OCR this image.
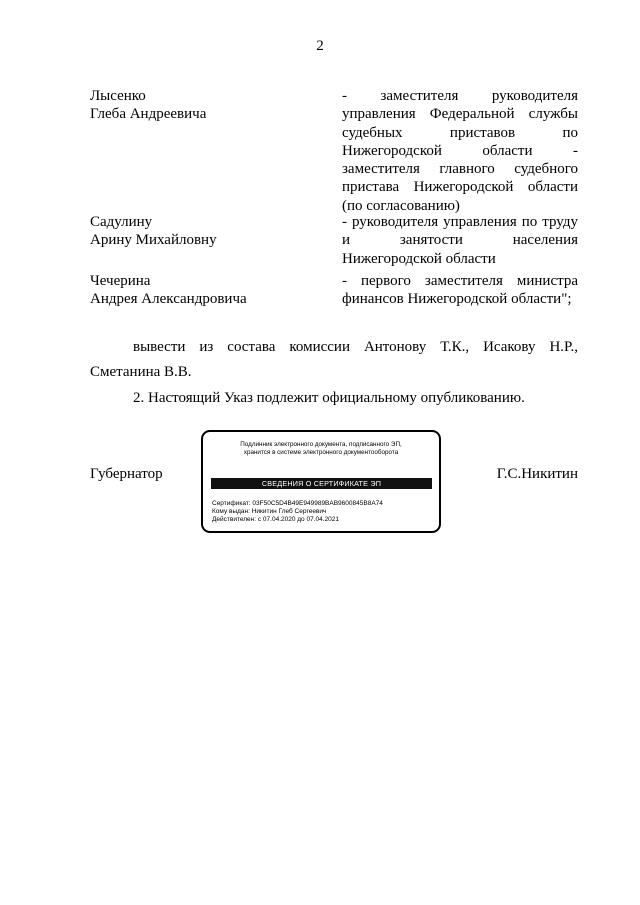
2
Лысенко
Глеба Андреевича
- заместителя руководителя управления Федеральной службы судебных приставов по Нижегородской области - заместителя главного судебного пристава Нижегородской области (по согласованию)
Садулину
Арину Михайловну
- руководителя управления по труду и занятости населения Нижегородской области
Чечерина
Андрея Александровича
- первого заместителя министра финансов Нижегородской области";
вывести из состава комиссии Антонову Т.К., Исакову Н.Р.,
Сметанина В.В.
2. Настоящий Указ подлежит официальному опубликованию.
Губернатор
Подлинник электронного документа, подписанного ЭП,
хранится в системе электронного документооборота
СВЕДЕНИЯ О СЕРТИФИКАТЕ ЭП
Сертификат: 03F50C5D4B49E949989BAB9600845B8A74
Кому выдан: Никитин Глеб Сергеевич
Действителен: с 07.04.2020 до 07.04.2021
Г.С.Никитин
